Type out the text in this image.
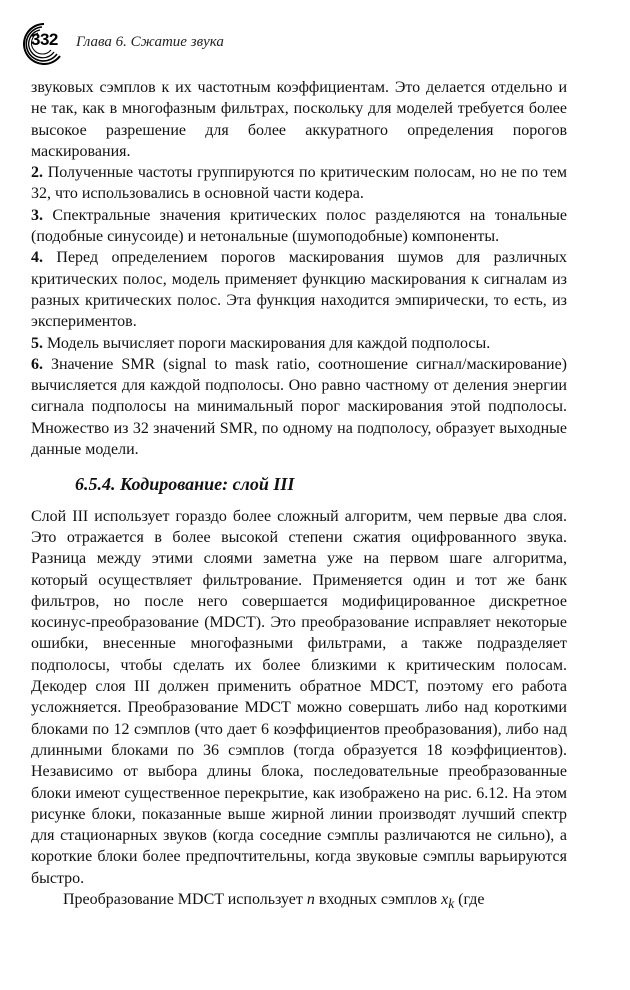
332 Глава 6. Сжатие звука

звуковых сэмплов к их частотным коэффициентам. Это делается отдельно и не так, как в многофазным фильтрах, поскольку для моделей требуется более высокое разрешение для более аккуратного определения порогов маскирования.

2. Полученные частоты группируются по критическим полосам, но не по тем 32, что использовались в основной части кодера.

3. Спектральные значения критических полос разделяются на тональные (подобные синусоиде) и нетональные (шумоподобные) компоненты.

4. Перед определением порогов маскирования шумов для различных критических полос, модель применяет функцию маскирования к сигналам из разных критических полос. Эта функция находится эмпирически, то есть, из экспериментов.

5. Модель вычисляет пороги маскирования для каждой подполосы.

6. Значение SMR (signal to mask ratio, соотношение сигнал/маскирование) вычисляется для каждой подполосы. Оно равно частному от деления энергии сигнала подполосы на минимальный порог маскирования этой подполосы. Множество из 32 значений SMR, по одному на подполосу, образует выходные данные модели.

6.5.4. Кодирование: слой III

Слой III использует гораздо более сложный алгоритм, чем первые два слоя. Это отражается в более высокой степени сжатия оцифрованного звука. Разница между этими слоями заметна уже на первом шаге алгоритма, который осуществляет фильтрование. Применяется один и тот же банк фильтров, но после него совершается модифицированное дискретное косинус-преобразование (MDCT). Это преобразование исправляет некоторые ошибки, внесенные многофазными фильтрами, а также подразделяет подполосы, чтобы сделать их более близкими к критическим полосам. Декодер слоя III должен применить обратное MDCT, поэтому его работа усложняется. Преобразование MDCT можно совершать либо над короткими блоками по 12 сэмплов (что дает 6 коэффициентов преобразования), либо над длинными блоками по 36 сэмплов (тогда образуется 18 коэффициентов). Независимо от выбора длины блока, последовательные преобразованные блоки имеют существенное перекрытие, как изображено на рис. 6.12. На этом рисунке блоки, показанные выше жирной линии производят лучший спектр для стационарных звуков (когда соседние сэмплы различаются не сильно), а короткие блоки более предпочтительны, когда звуковые сэмплы варьируются быстро.

Преобразование MDCT использует n входных сэмплов $x_k$ (где
